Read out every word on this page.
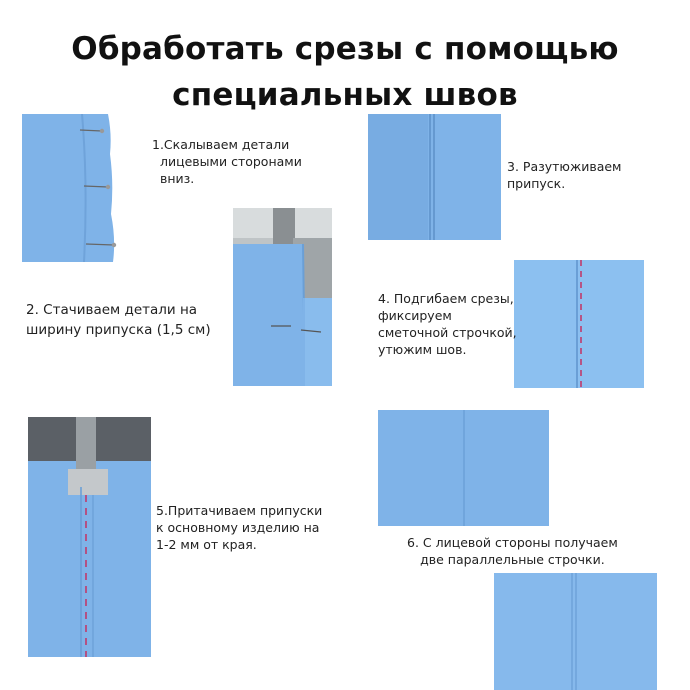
Обработать срезы с помощью
специальных швов
1.Скалываем детали
лицевыми сторонами
вниз.
2. Стачиваем детали на
ширину припуска (1,5 см)
3. Разутюживаем
припуск.
4. Подгибаем срезы,
фиксируем
сметочной строчкой,
утюжим шов.
5.Притачиваем припуски
к основному изделию на
1-2 мм от края.	6. С лицевой стороны получаем
две параллельные строчки.
